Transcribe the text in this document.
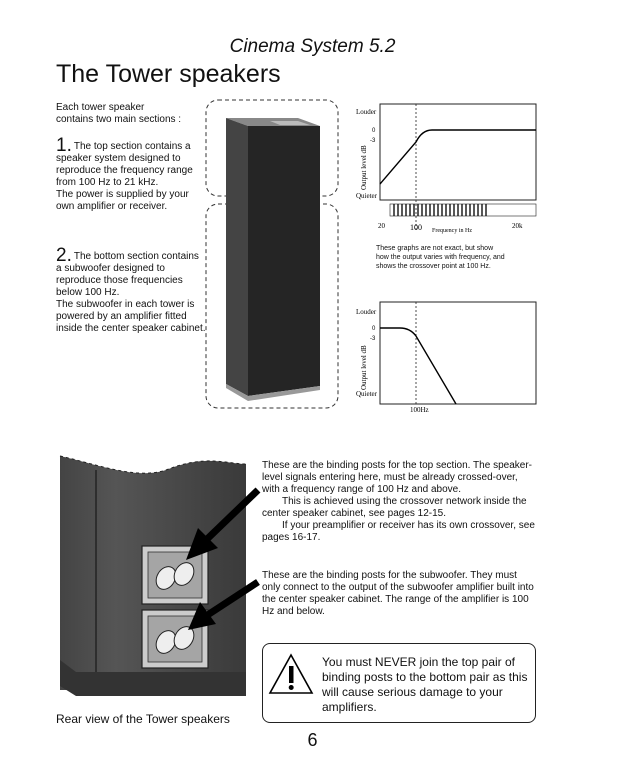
Cinema System 5.2
The Tower speakers
Each tower speaker
contains two main sections :
1. The top section contains a
speaker system designed to
reproduce the frequency range
from 100 Hz to 21 kHz.
The power is supplied by your
own amplifier or receiver.
2. The bottom section contains
a subwoofer designed to
reproduce those frequencies
below 100 Hz.
The subwoofer in each tower is
powered by an amplifier fitted
inside the center speaker cabinet.
Louder
Quieter
Output level dB
0
-3
20	100	20k
Frequency in Hz
These graphs are not exact, but show
how the output varies with frequency, and
shows the crossover point at 100 Hz.
Louder
Quieter
Output level dB
0
-3
100Hz

These are the binding posts for the top section. The speaker-level signals entering here, must be already crossed-over, with a frequency range of 100 Hz and above.

This is achieved using the crossover network inside the center speaker cabinet, see pages 12-15.

If your preamplifier or receiver has its own crossover, see pages 16-17.

These are the binding posts for the subwoofer. They must only connect to the output of the subwoofer amplifier built into the center speaker cabinet. The range of the amplifier is 100 Hz and below.
You must NEVER join the top pair of binding posts to the bottom pair as this will cause serious damage to your amplifiers.
Rear view of the Tower speakers
6
